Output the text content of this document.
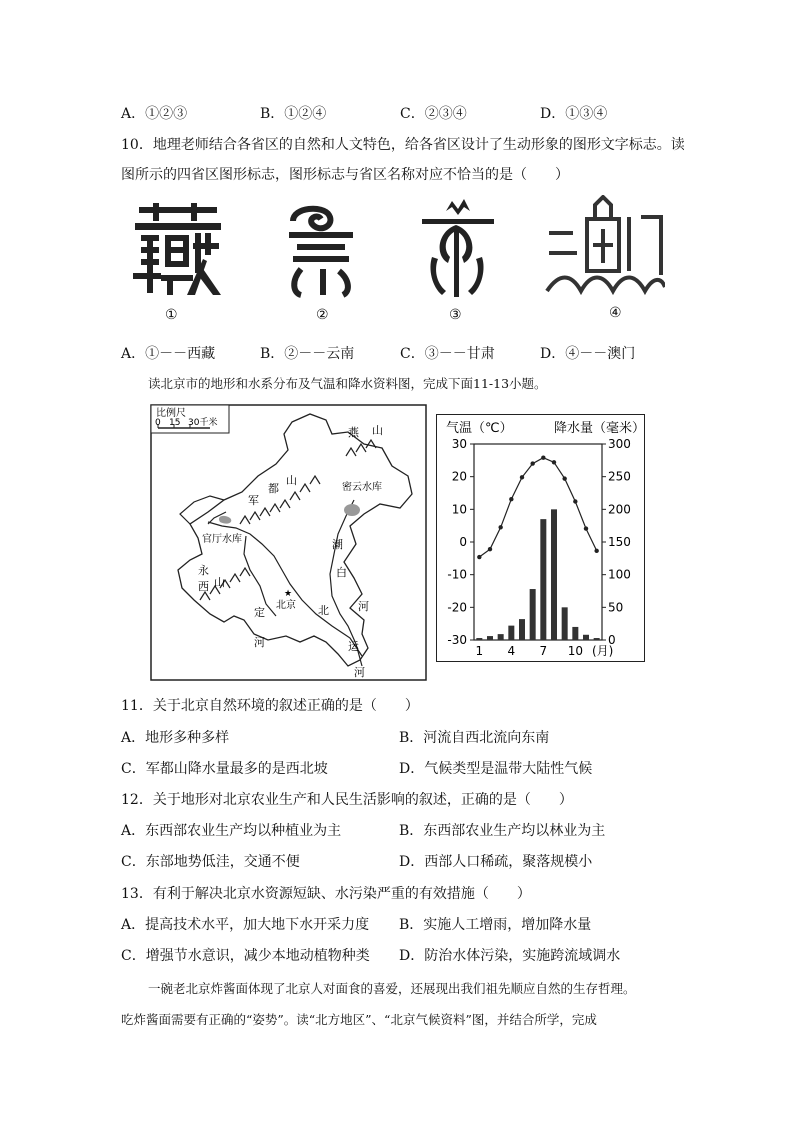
A．①②③	B．①②④	C．②③④	D．①③④
10．地理老师结合各省区的自然和人文特色，给各省区设计了生动形象的图形文字标志。读
图所示的四省区图形标志，图形标志与省区名称对应不恰当的是（　　）
①	②	③	④
A．①－－西藏	B．②－－云南	C．③－－甘肃	D．④－－澳门
读北京市的地形和水系分布及气温和降水资料图，完成下面11-13小题。
比例尺
0 15 30千米
燕 山
密云水库
军
都
山
官厅水库	潮
白
永
西 山
定
河
★
北京 北	河
运
河
气温（℃）	降水量（毫米）
30
20
10
0
-10
-20
-30
300
250
200
150
100
50
0
1 4 7 10 (月)
11．关于北京自然环境的叙述正确的是（　　）
A．地形多种多样	B．河流自西北流向东南
C．军都山降水量最多的是西北坡	D．气候类型是温带大陆性气候
12．关于地形对北京农业生产和人民生活影响的叙述，正确的是（　　）
A．东西部农业生产均以种植业为主	B．东西部农业生产均以林业为主
C．东部地势低洼，交通不便	D．西部人口稀疏，聚落规模小
13．有利于解决北京水资源短缺、水污染严重的有效措施（　　）
A．提高技术水平，加大地下水开采力度 B．实施人工增雨，增加降水量
C．增强节水意识，减少本地动植物种类 D．防治水体污染，实施跨流域调水
一碗老北京炸酱面体现了北京人对面食的喜爱，还展现出我们祖先顺应自然的生存哲理。
吃炸酱面需要有正确的“姿势”。读“北方地区”、“北京气候资料”图，并结合所学，完成
